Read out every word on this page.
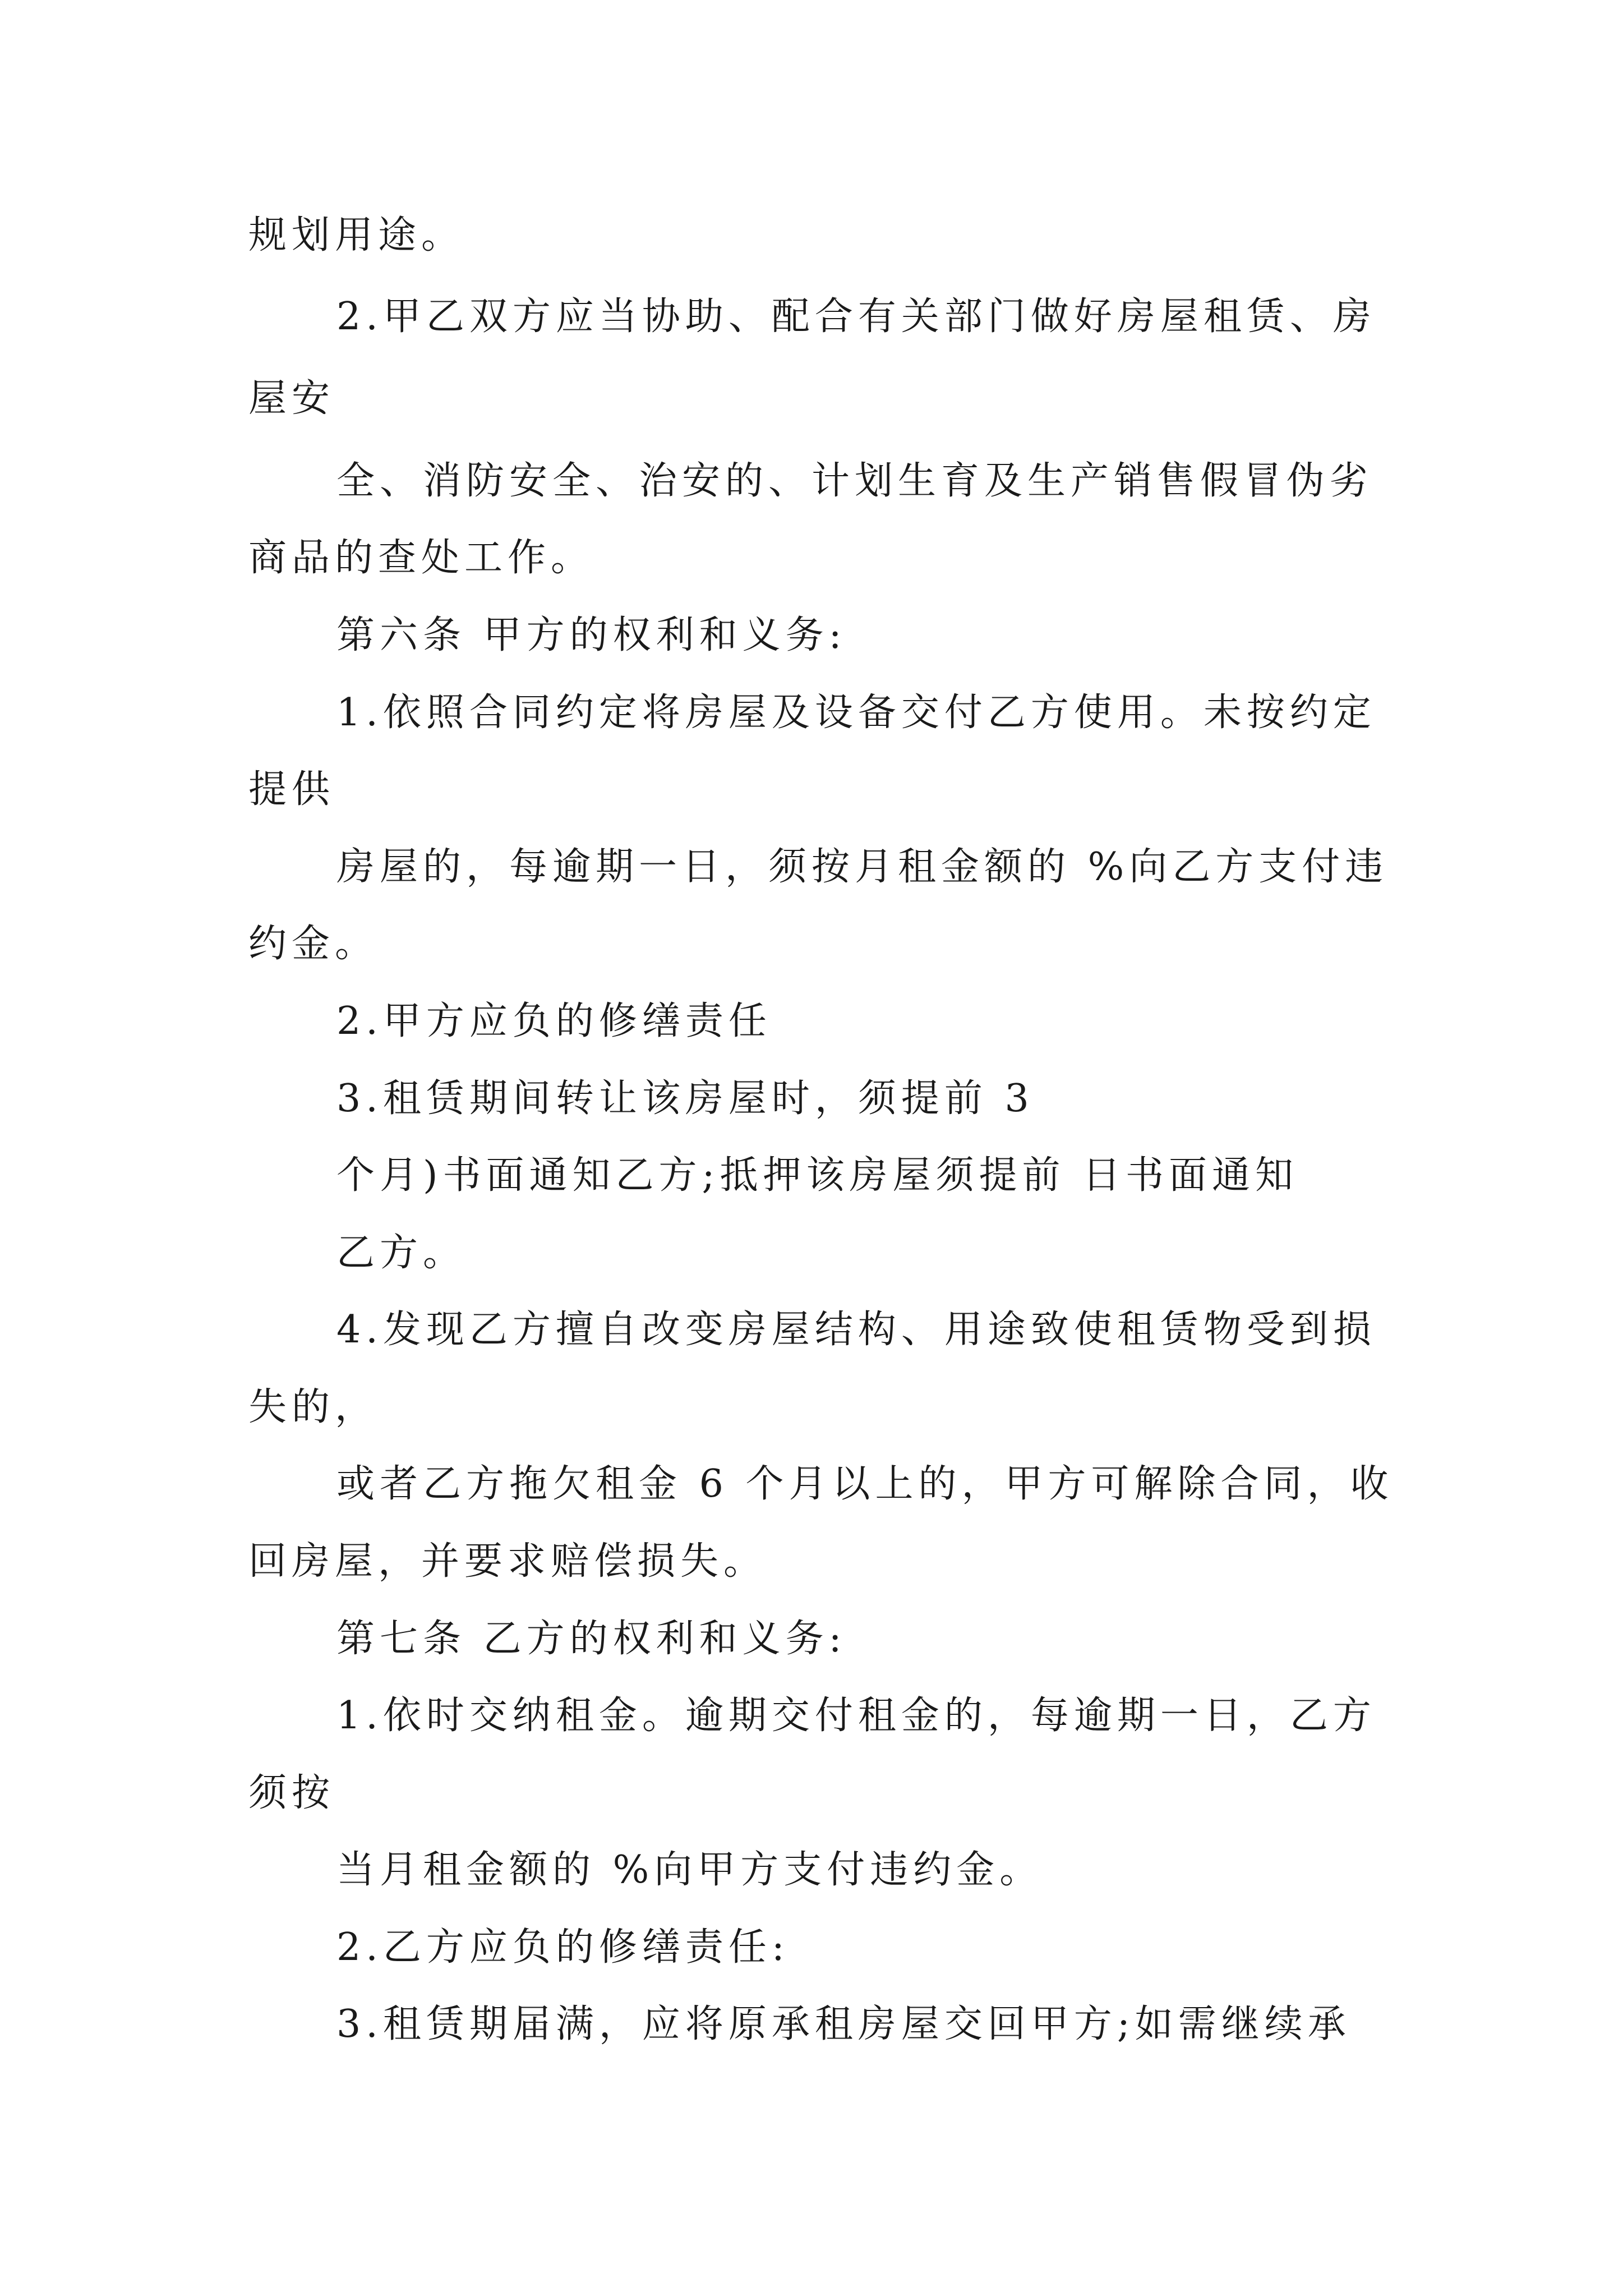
规划用途。
2.甲乙双方应当协助、配合有关部门做好房屋租赁、房
屋安
全、消防安全、治安的、计划生育及生产销售假冒伪劣
商品的查处工作。
第六条 甲方的权利和义务:
1.依照合同约定将房屋及设备交付乙方使用。未按约定
提供
房屋的，每逾期一日，须按月租金额的 %向乙方支付违
约金。
2.甲方应负的修缮责任
3.租赁期间转让该房屋时，须提前 3
个月)书面通知乙方;抵押该房屋须提前 日书面通知
乙方。
4.发现乙方擅自改变房屋结构、用途致使租赁物受到损
失的，
或者乙方拖欠租金 6 个月以上的，甲方可解除合同，收
回房屋，并要求赔偿损失。
第七条 乙方的权利和义务:
1.依时交纳租金。逾期交付租金的，每逾期一日，乙方
须按
当月租金额的 %向甲方支付违约金。
2.乙方应负的修缮责任:
3.租赁期届满，应将原承租房屋交回甲方;如需继续承
